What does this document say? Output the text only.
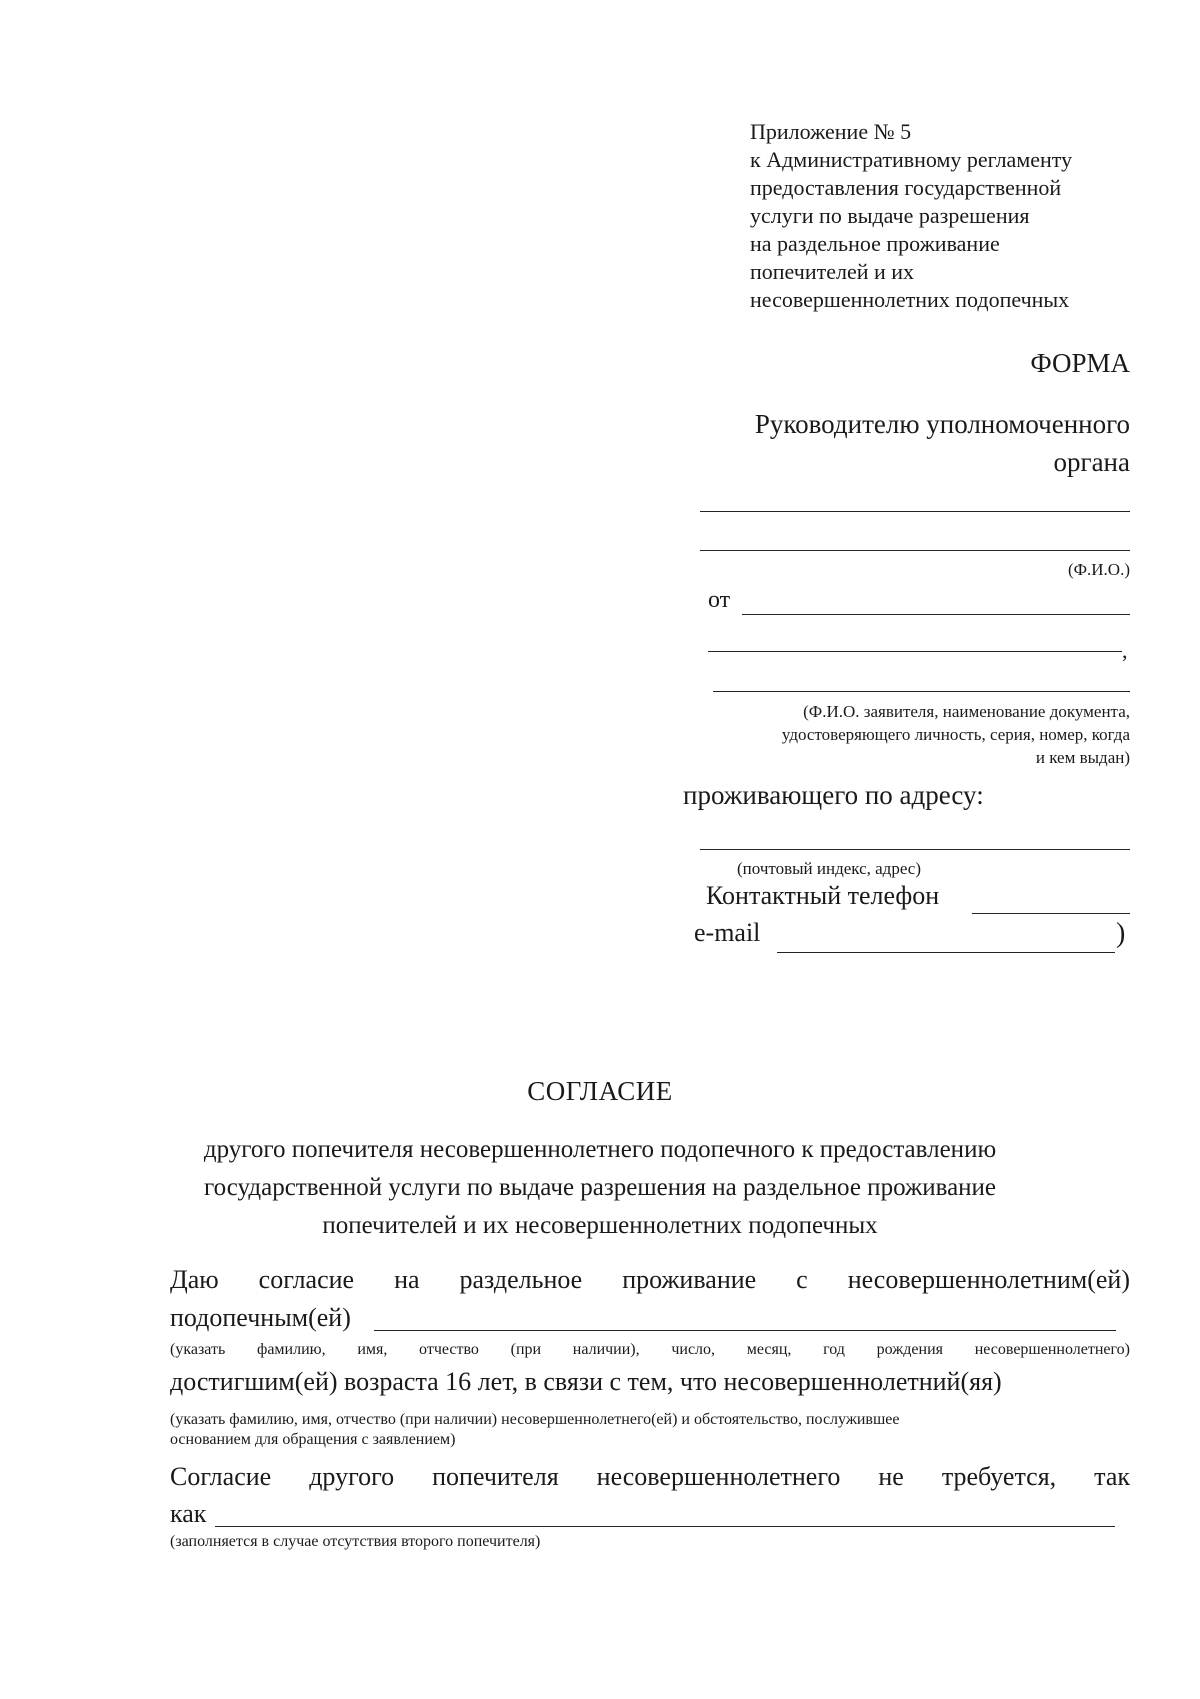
Приложение № 5
к Административному регламенту
предоставления государственной
услуги по выдаче разрешения
на раздельное проживание
попечителей и их
несовершеннолетних подопечных
ФОРМА
Руководителю уполномоченного
органа
(Ф.И.О.)
от
,
(Ф.И.О. заявителя, наименование документа,
удостоверяющего личность, серия, номер, когда
и кем выдан)
проживающего по адресу:
(почтовый индекс, адрес)
Контактный телефон
e-mail	)
СОГЛАСИЕ
другого попечителя несовершеннолетнего подопечного к предоставлению
государственной услуги по выдаче разрешения на раздельное проживание
попечителей и их несовершеннолетних подопечных
Даю согласие на раздельное проживание с несовершеннолетним(ей)
подопечным(ей)
(указать фамилию, имя, отчество (при наличии), число, месяц, год рождения несовершеннолетнего)
достигшим(ей) возраста 16 лет, в связи с тем, что несовершеннолетний(яя)
(указать фамилию, имя, отчество (при наличии) несовершеннолетнего(ей) и обстоятельство, послужившее
основанием для обращения с заявлением)
Согласие другого попечителя несовершеннолетнего не требуется, так
как
(заполняется в случае отсутствия второго попечителя)
